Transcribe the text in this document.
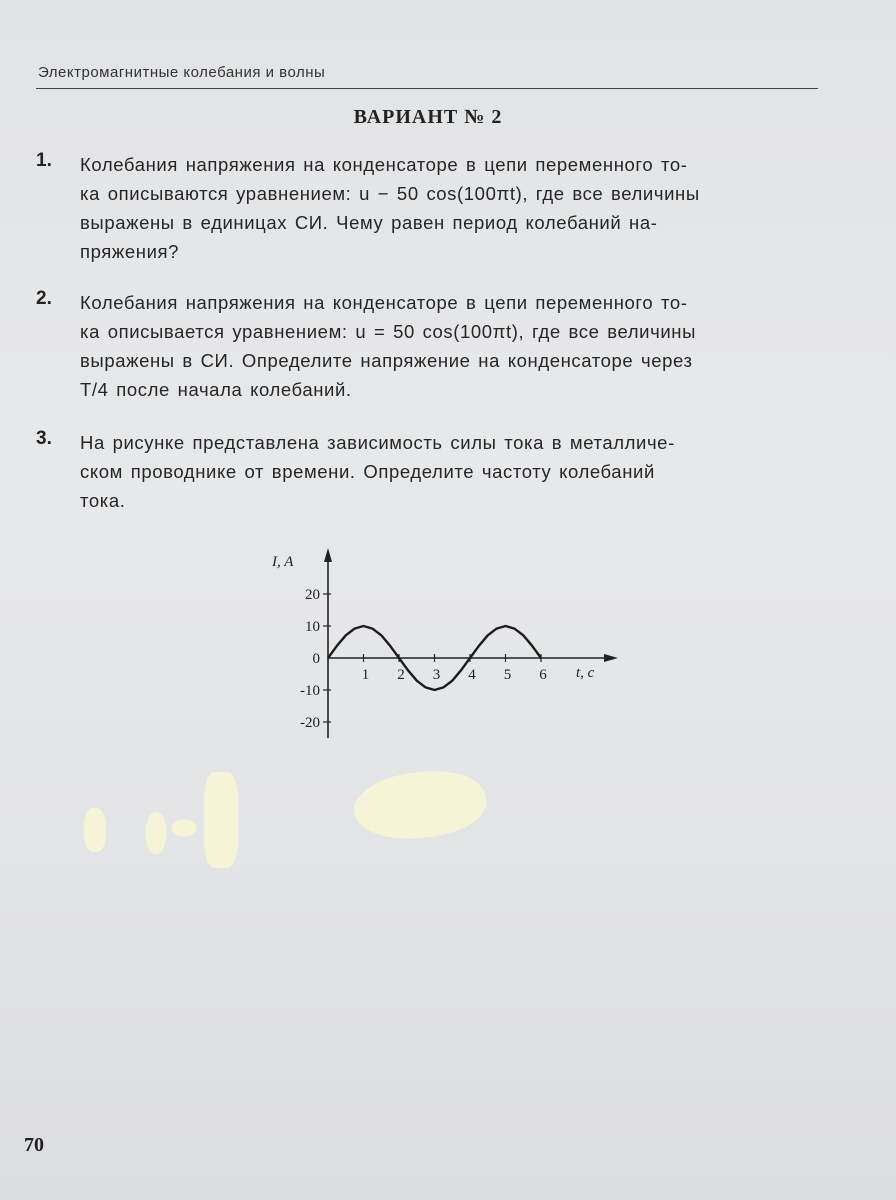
Электромагнитные колебания и волны
ВАРИАНТ № 2
1. Колебания напряжения на конденсаторе в цепи переменного то-
ка описываются уравнением: u − 50 cos(100πt), где все величины
выражены в единицах СИ. Чему равен период колебаний на-
пряжения?
2. Колебания напряжения на конденсаторе в цепи переменного то-
ка описывается уравнением: u = 50 cos(100πt), где все величины
выражены в СИ. Определите напряжение на конденсаторе через
T/4 после начала колебаний.
3. На рисунке представлена зависимость силы тока в металличе-
ском проводнике от времени. Определите частоту колебаний
тока.
20
10
0
-10
-20
1 2 3 4 5 6
I, A
t, c
70
